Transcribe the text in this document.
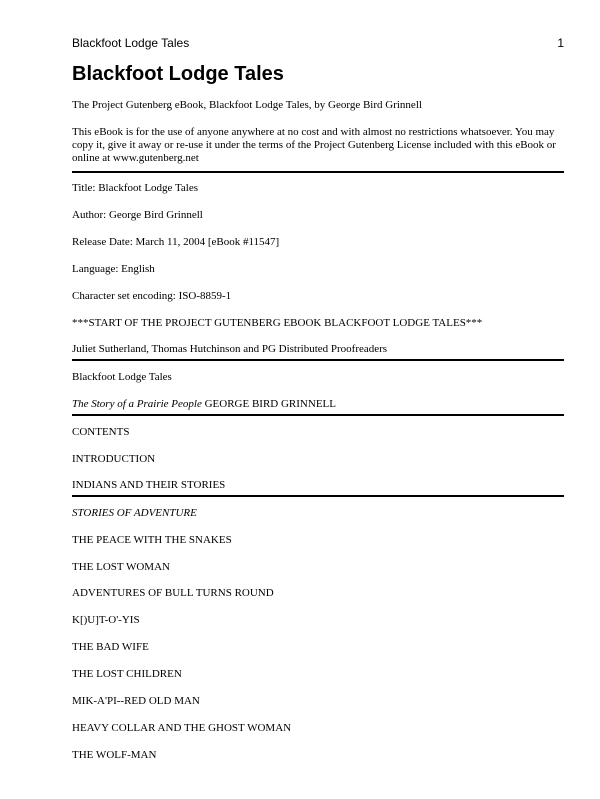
Blackfoot Lodge Tales	1
Blackfoot Lodge Tales

The Project Gutenberg eBook, Blackfoot Lodge Tales, by George Bird Grinnell

This eBook is for the use of anyone anywhere at no cost and with almost no restrictions whatsoever. You may copy it, give it away or re-use it under the terms of the Project Gutenberg License included with this eBook or online at www.gutenberg.net

Title: Blackfoot Lodge Tales

Author: George Bird Grinnell

Release Date: March 11, 2004 [eBook #11547]

Language: English

Character set encoding: ISO-8859-1

***START OF THE PROJECT GUTENBERG EBOOK BLACKFOOT LODGE TALES***

Juliet Sutherland, Thomas Hutchinson and PG Distributed Proofreaders

Blackfoot Lodge Tales

The Story of a Prairie People GEORGE BIRD GRINNELL

CONTENTS

INTRODUCTION

INDIANS AND THEIR STORIES

STORIES OF ADVENTURE

THE PEACE WITH THE SNAKES

THE LOST WOMAN

ADVENTURES OF BULL TURNS ROUND

K[)U]T-O'-YIS

THE BAD WIFE

THE LOST CHILDREN

MIK-A'PI--RED OLD MAN

HEAVY COLLAR AND THE GHOST WOMAN

THE WOLF-MAN
